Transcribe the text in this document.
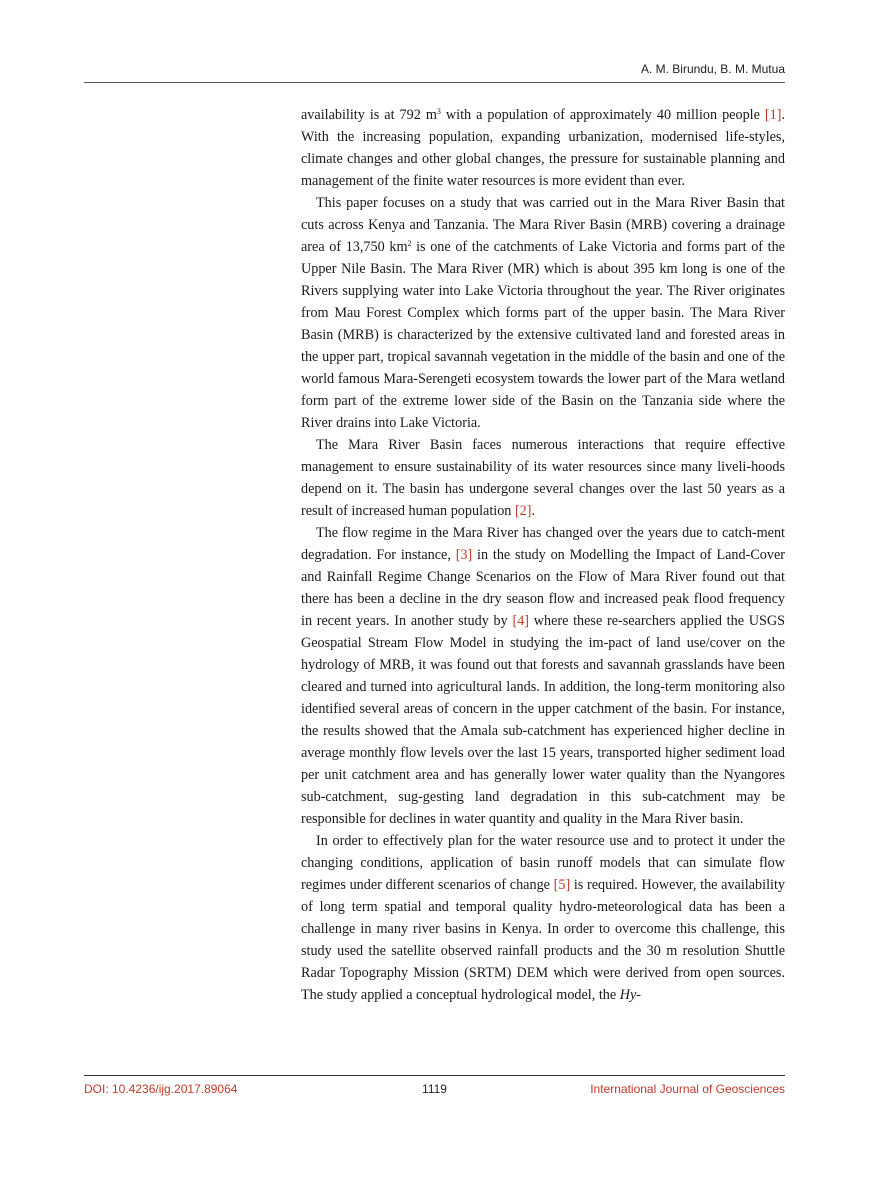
A. M. Birundu, B. M. Mutua

availability is at 792 $m^3$ with a population of approximately 40 million people [1]. With the increasing population, expanding urbanization, modernised life-styles, climate changes and other global changes, the pressure for sustainable planning and management of the finite water resources is more evident than ever.

This paper focuses on a study that was carried out in the Mara River Basin that cuts across Kenya and Tanzania. The Mara River Basin (MRB) covering a drainage area of 13,750 $km^2$ is one of the catchments of Lake Victoria and forms part of the Upper Nile Basin. The Mara River (MR) which is about 395 km long is one of the Rivers supplying water into Lake Victoria throughout the year. The River originates from Mau Forest Complex which forms part of the upper basin. The Mara River Basin (MRB) is characterized by the extensive cultivated land and forested areas in the upper part, tropical savannah vegetation in the middle of the basin and one of the world famous Mara-Serengeti ecosystem towards the lower part of the Mara wetland form part of the extreme lower side of the Basin on the Tanzania side where the River drains into Lake Victoria.

The Mara River Basin faces numerous interactions that require effective management to ensure sustainability of its water resources since many liveli-hoods depend on it. The basin has undergone several changes over the last 50 years as a result of increased human population [2].

The flow regime in the Mara River has changed over the years due to catch-ment degradation. For instance, [3] in the study on Modelling the Impact of Land-Cover and Rainfall Regime Change Scenarios on the Flow of Mara River found out that there has been a decline in the dry season flow and increased peak flood frequency in recent years. In another study by [4] where these re-searchers applied the USGS Geospatial Stream Flow Model in studying the im-pact of land use/cover on the hydrology of MRB, it was found out that forests and savannah grasslands have been cleared and turned into agricultural lands. In addition, the long-term monitoring also identified several areas of concern in the upper catchment of the basin. For instance, the results showed that the Amala sub-catchment has experienced higher decline in average monthly flow levels over the last 15 years, transported higher sediment load per unit catchment area and has generally lower water quality than the Nyangores sub-catchment, sug-gesting land degradation in this sub-catchment may be responsible for declines in water quantity and quality in the Mara River basin.

In order to effectively plan for the water resource use and to protect it under the changing conditions, application of basin runoff models that can simulate flow regimes under different scenarios of change [5] is required. However, the availability of long term spatial and temporal quality hydro-meteorological data has been a challenge in many river basins in Kenya. In order to overcome this challenge, this study used the satellite observed rainfall products and the 30 m resolution Shuttle Radar Topography Mission (SRTM) DEM which were derived from open sources. The study applied a conceptual hydrological model, the Hy-

DOI: 10.4236/ijg.2017.89064	1119	International Journal of Geosciences
